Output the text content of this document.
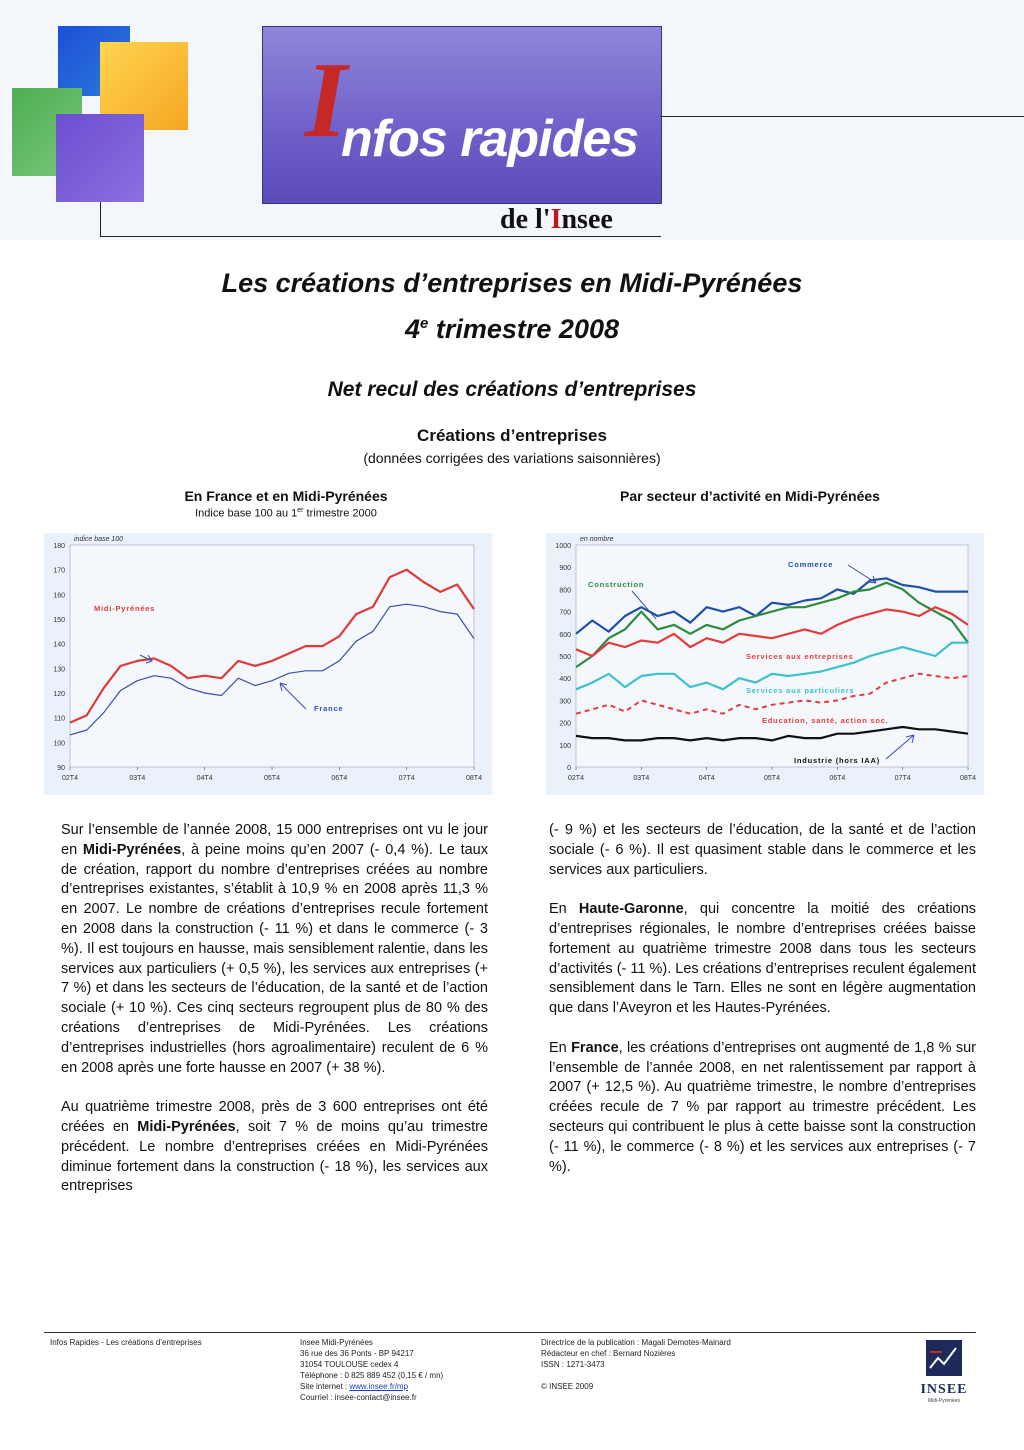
I
nfos rapides
de l'Insee
Les créations d’entreprises en Midi-Pyrénées
4e trimestre 2008
Net recul des créations d’entreprises
Créations d’entreprises
(données corrigées des variations saisonnières)
En France et en Midi-Pyrénées
Indice base 100 au 1er trimestre 2000
90
100
110
120
130
140
150
160
170
180
indice base 100
02T4	03T4	04T4	05T4	06T4	07T4	08T4
Midi-Pyrénées
France
Par secteur d’activité en Midi-Pyrénées
0
100
200
300
400
500
600
700
800
900
1000
en nombre
02T4	03T4	04T4	05T4	06T4	07T4	08T4
Commerce
Construction
Services aux entreprises
Services aux particuliers
Education, santé, action soc.
Industrie (hors IAA)

Sur l’ensemble de l’année 2008, 15 000 entreprises ont vu le jour en Midi-Pyrénées, à peine moins qu’en 2007 (- 0,4 %). Le taux de création, rapport du nombre d’entreprises créées au nombre d’entreprises existantes, s’établit à 10,9 % en 2008 après 11,3 % en 2007. Le nombre de créations d’entreprises recule fortement en 2008 dans la construction (- 11 %) et dans le commerce (- 3 %). Il est toujours en hausse, mais sensiblement ralentie, dans les services aux particuliers (+ 0,5 %), les services aux entreprises (+ 7 %) et dans les secteurs de l’éducation, de la santé et de l’action sociale (+ 10 %). Ces cinq secteurs regroupent plus de 80 % des créations d’entreprises de Midi-Pyrénées. Les créations d’entreprises industrielles (hors agroalimentaire) reculent de 6 % en 2008 après une forte hausse en 2007 (+ 38 %).

Au quatrième trimestre 2008, près de 3 600 entreprises ont été créées en Midi-Pyrénées, soit 7 % de moins qu’au trimestre précédent. Le nombre d’entreprises créées en Midi-Pyrénées diminue fortement dans la construction (- 18 %), les services aux entreprises

(- 9 %) et les secteurs de l’éducation, de la santé et de l’action sociale (- 6 %). Il est quasiment stable dans le commerce et les services aux particuliers.

En Haute-Garonne, qui concentre la moitié des créations d’entreprises régionales, le nombre d’entreprises créées baisse fortement au quatrième trimestre 2008 dans tous les secteurs d’activités (- 11 %). Les créations d’entreprises reculent également sensiblement dans le Tarn. Elles ne sont en légère augmentation que dans l’Aveyron et les Hautes-Pyrénées.

En France, les créations d’entreprises ont augmenté de 1,8 % sur l’ensemble de l’année 2008, en net ralentissement par rapport à 2007 (+ 12,5 %). Au quatrième trimestre, le nombre d’entreprises créées recule de 7 % par rapport au trimestre précédent. Les secteurs qui contribuent le plus à cette baisse sont la construction (- 11 %), le commerce (- 8 %) et les services aux entreprises (- 7 %).

Infos Rapides - Les créations d’entreprises	Insee Midi-Pyrénées
36 rue des 36 Ponts - BP 94217
31054 TOULOUSE cedex 4
Téléphone : 0 825 889 452 (0,15 € / mn)
Site internet : www.insee.fr/mp
Courriel : insee-contact@insee.fr
Directrice de la publication : Magali Demotes-Mainard
Rédacteur en chef : Bernard Nozières
ISSN : 1271-3473
© INSEE 2009	INSEE
Midi-Pyrénées
